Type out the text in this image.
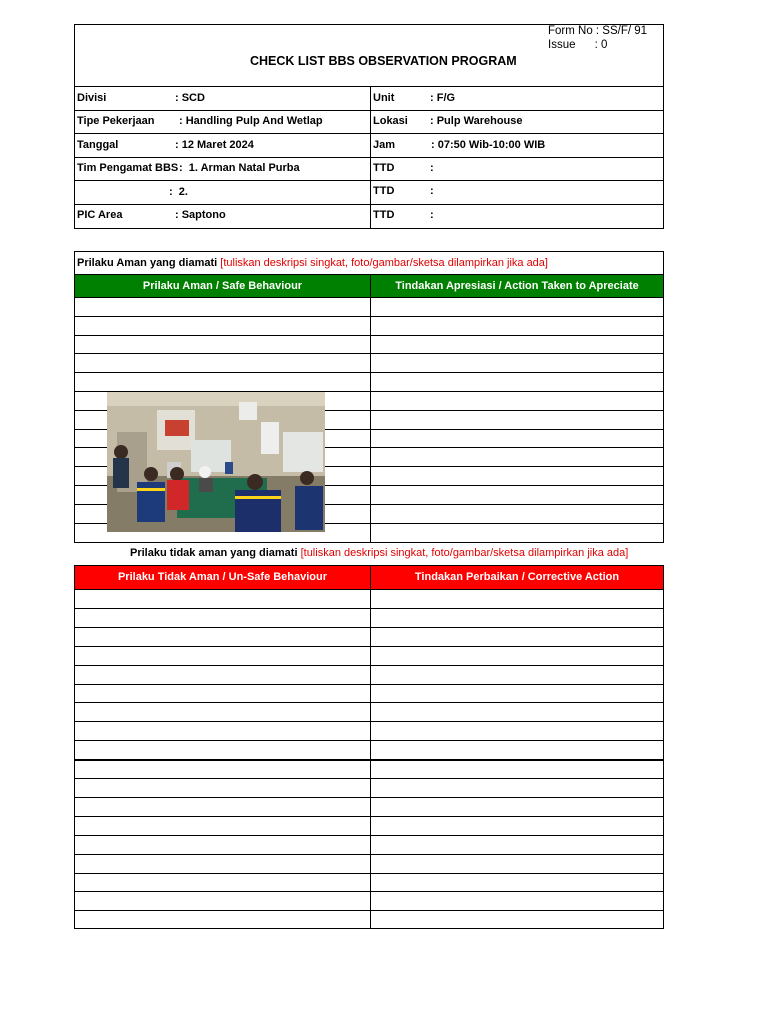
Form No : SS/F/ 91
Issue      : 0
CHECK LIST BBS OBSERVATION PROGRAM
Divisi	: SCD	Unit	: F/G
Tipe Pekerjaan : Handling Pulp And Wetlap	Lokasi : Pulp Warehouse
Tanggal	: 12 Maret 2024	Jam	: 07:50 Wib-10:00 WIB
Tim Pengamat BBS :  1. Arman Natal Purba	TTD	:
:  2.	TTD	:
PIC Area	: Saptono	TTD	:
Prilaku Aman yang diamati [tuliskan deskripsi singkat, foto/gambar/sketsa dilampirkan jika ada]
Prilaku Aman / Safe Behaviour	Tindakan Apresiasi / Action Taken to Apreciate
Prilaku tidak aman yang diamati [tuliskan deskripsi singkat, foto/gambar/sketsa dilampirkan jika ada]
Prilaku Tidak Aman / Un-Safe Behaviour	Tindakan Perbaikan / Corrective Action
